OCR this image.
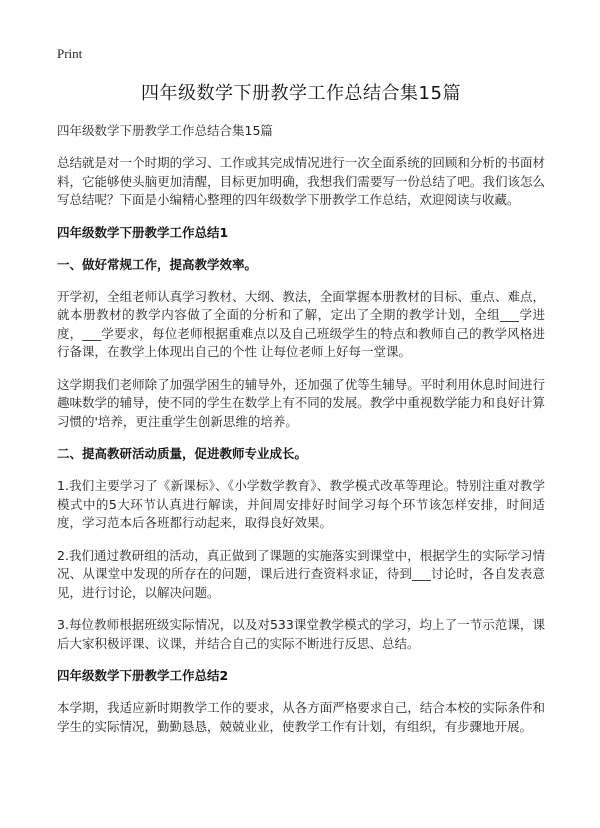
Print
四年级数学下册教学工作总结合集15篇

四年级数学下册教学工作总结合集15篇

总结就是对一个时期的学习、工作或其完成情况进行一次全面系统的回顾和分析的书面材料，它能够使头脑更加清醒，目标更加明确，我想我们需要写一份总结了吧。我们该怎么写总结呢？下面是小编精心整理的四年级数学下册教学工作总结，欢迎阅读与收藏。

四年级数学下册教学工作总结1

一、做好常规工作，提高教学效率。

开学初，全组老师认真学习教材、大纲、教法，全面掌握本册教材的目标、重点、难点，就本册教材的教学内容做了全面的分析和了解，定出了全期的教学计划，全组___学进度，___学要求，每位老师根据重难点以及自己班级学生的特点和教师自己的教学风格进行备课，在教学上体现出自己的个性 让每位老师上好每一堂课。

这学期我们老师除了加强学困生的辅导外，还加强了优等生辅导。平时利用休息时间进行趣味数学的辅导，使不同的学生在数学上有不同的发展。教学中重视数学能力和良好计算习惯的'培养，更注重学生创新思维的培养。

二、提高教研活动质量，促进教师专业成长。

1.我们主要学习了《新课标》、《小学数学教育》、教学模式改革等理论。特别注重对教学模式中的5大环节认真进行解读，并间周安排好时间学习每个环节该怎样安排，时间适度，学习范本后各班都行动起来，取得良好效果。

2.我们通过教研组的活动，真正做到了课题的实施落实到课堂中，根据学生的实际学习情况、从课堂中发现的所存在的问题，课后进行查资料求证，待到___讨论时，各自发表意见，进行讨论，以解决问题。

3.每位教师根据班级实际情况，以及对533课堂教学模式的学习，均上了一节示范课，课后大家积极评课、议课，并结合自己的实际不断进行反思、总结。

四年级数学下册教学工作总结2

本学期，我适应新时期教学工作的要求，从各方面严格要求自己，结合本校的实际条件和学生的实际情况，勤勤恳恳，兢兢业业，使教学工作有计划，有组织，有步骤地开展。
